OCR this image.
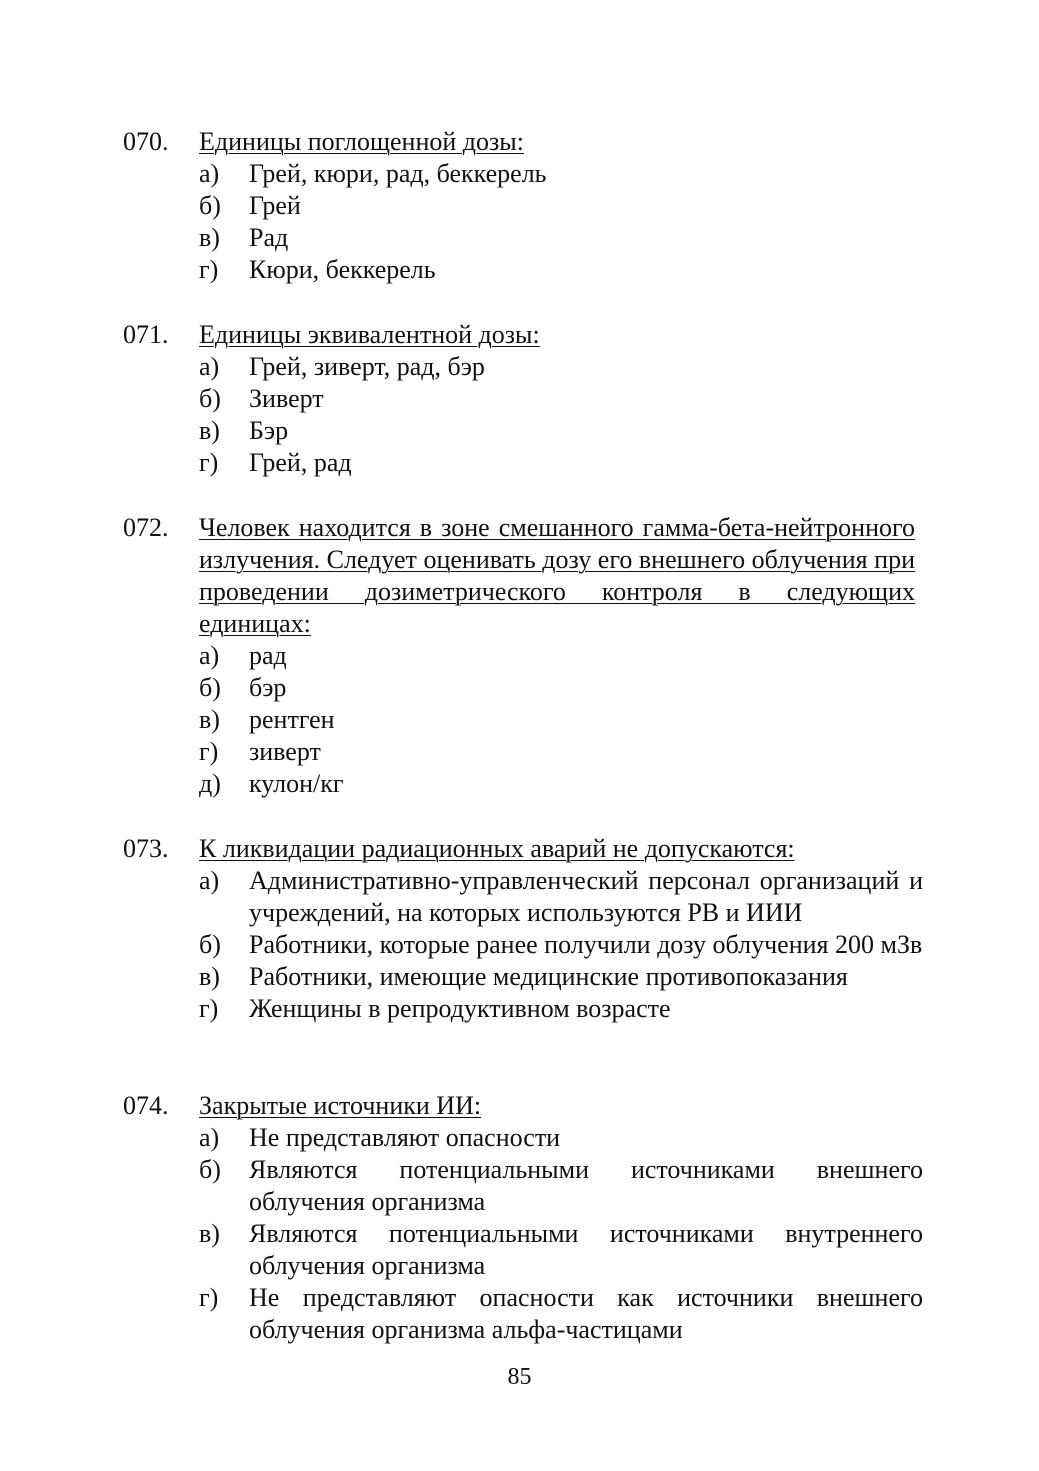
070.	Единицы поглощенной дозы:
а)	Грей, кюри, рад, беккерель
б)	Грей
в)	Рад
г)	Кюри, беккерель
071.	Единицы эквивалентной дозы:
а)	Грей, зиверт, рад, бэр
б)	Зиверт
в)	Бэр
г)	Грей, рад
072.	Человек находится в зоне смешанного гамма-бета-нейтронного излучения. Следует оценивать дозу его внешнего облучения при проведении дозиметрического контроля в следующих единицах:
а)	рад
б)	бэр
в)	рентген
г)	зиверт
д)	кулон/кг
073.	К ликвидации радиационных аварий не допускаются:
а)	Административно-управленческий персонал организаций и учреждений, на которых используются РВ и ИИИ
б)	Работники, которые ранее получили дозу облучения 200 мЗв
в)	Работники, имеющие медицинские противопоказания
г)	Женщины в репродуктивном возрасте
074.	Закрытые источники ИИ:
а)	Не представляют опасности
б)	Являются потенциальными источниками внешнего облучения организма
в)	Являются потенциальными источниками внутреннего облучения организма
г)	Не представляют опасности как источники внешнего облучения организма альфа-частицами
85
